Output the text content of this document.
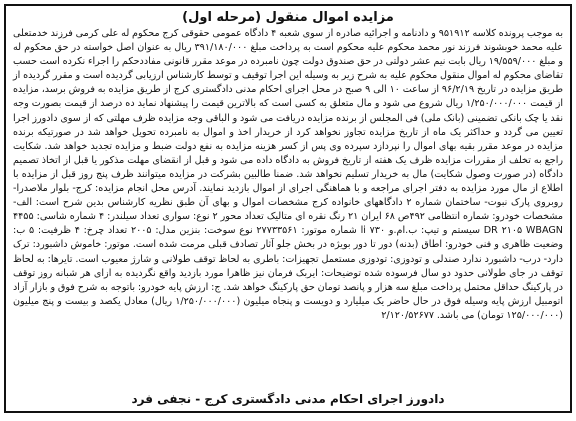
مزایده اموال منقول (مرحله اول)
به موجب پرونده کلاسه ۹۵۱۹۱۲ و دادنامه و اجرائیه صادره از سوی شعبه ۴ دادگاه عمومی حقوقی کرج محکوم له علی کرمی فرزند خدمتعلی علیه محمد خوبشوند فرزند نور محمد محکوم علیه محکوم است به پرداخت مبلغ ۳۹۱/۱۸۰/۰۰۰ ریال به عنوان اصل خواسته در حق محکوم له و مبلغ ۱۹/۵۵۹/۰۰۰ ریال بابت نیم عشر دولتی در حق صندوق دولت چون نامبرده در موعد مقرر قانونی مفاددحکم را اجراء نکرده است حسب تقاضای محکوم له اموال منقول محکوم علیه به شرح زیر به وسیله این اجرا توقیف و توسط کارشناس ارزیابی گردیده است و مقرر گردیده از طریق مزایده در تاریخ ۹۶/۲/۱۹ از ساعت ۱۰ الی ۹ صبح در محل اجرای احکام مدنی دادگستری کرج از طریق مزایده به فروش برسد، مزایده از قیمت ۱/۲۵۰/۰۰۰/۰۰۰ ریال شروع می شود و مال متعلق به کسی است که بالاترین قیمت را پیشنهاد نماید ده درصد از قیمت بصورت وجه نقد یا چک بانکی تضمینی (بانک ملی) فی المجلس از برنده مزایده دریافت می شود و الباقی وجه مزایده ظرف مهلتی که از سوی دادورز اجرا تعیین می گردد و حداکثر یک ماه از تاریخ مزایده تجاوز نخواهد کرد از خریدار اخذ و اموال به نامبرده تحویل خواهد شد در صورتیکه برنده مزایده در موعد مقرر بقیه بهای اموال را نپردازد سپرده وی پس از کسر هزینه مزایده به نفع دولت ضبط و مزایده تجدید خواهد شد. شکایت راجع به تخلف از مقررات مزایده ظرف یک هفته از تاریخ فروش به دادگاه داده می شود و قبل از انقضای مهلت مذکور یا قبل از اتخاذ تصمیم دادگاه (در صورت وصول شکایت) مال به خریدار تسلیم نخواهد شد. ضمنا طالبین بشرکت در مزایده میتوانند ظرف پنج روز قبل از مزایده با اطلاع از مال مورد مزایده به دفتر اجرای مراجعه و با هماهنگی اجرای از اموال بازدید نمایند. آدرس محل انجام مزایده: کرج- بلوار ملاصدرا- روبروی پارک نبوت- ساختمان شماره ۲ دادگاههای خانواده کرج مشخصات اموال و بهای آن طبق نظریه کارشناس بدین شرح است: الف- مشخصات خودرو: شماره انتظامی ۴۹۲ص ۶۸ ایران ۲۱ رنگ نقره ای متالیک تعداد محور ۲ نوع: سواری تعداد سیلندر: ۴ شماره شاسی: ۴۴۵۵ DR ۲۱۰۵ WBAGN سیستم و تیپ: ب.ام.و ۷۳۰ li شماره موتور: ۲۷۷۳۳۵۶۱ نوع سوخت: بنزین مدل: ۲۰۰۵ تعداد چرخ: ۴ ظرفیت: ۵ ب: وضعیت ظاهری و فنی خودرو: اطاق (بدنه) دور تا دور بویژه در بخش جلو آثار تصادف قبلی مرمت شده است. موتور: خاموش داشبورد: ترک دارد- درب- داشبورد ندارد صندلی و تودوزی: تودوزی مستعمل تجهیزات: باطری به لحاظ توقف طولانی و شارژ معیوب است. تایرها: به لحاظ توقف در جای طولانی حدود دو سال فرسوده شده توضیحات: ایربک فرمان نیز ظاهرا مورد بازدید واقع نگردیده به ازای هر شبانه روز توقف در پارکینگ حداقل محتمل پرداخت مبلغ سه هزار و پانصد تومان حق پارکینگ خواهد شد. ج: ارزش پایه خودرو: باتوجه به شرح فوق و بازار آزاد اتومبیل ارزش پایه وسیله فوق در حال حاضر یک میلیارد و دویست و پنجاه میلیون (۱/۲۵۰/۰۰۰/۰۰۰ ریال) معادل یکصد و بیست و پنج میلیون (۱۲۵/۰۰۰/۰۰۰ تومان) می باشد. ۲/۱۲۰/۵۲۶۷۷
دادورز اجرای احکام مدنی دادگستری کرج - نجفی فرد
